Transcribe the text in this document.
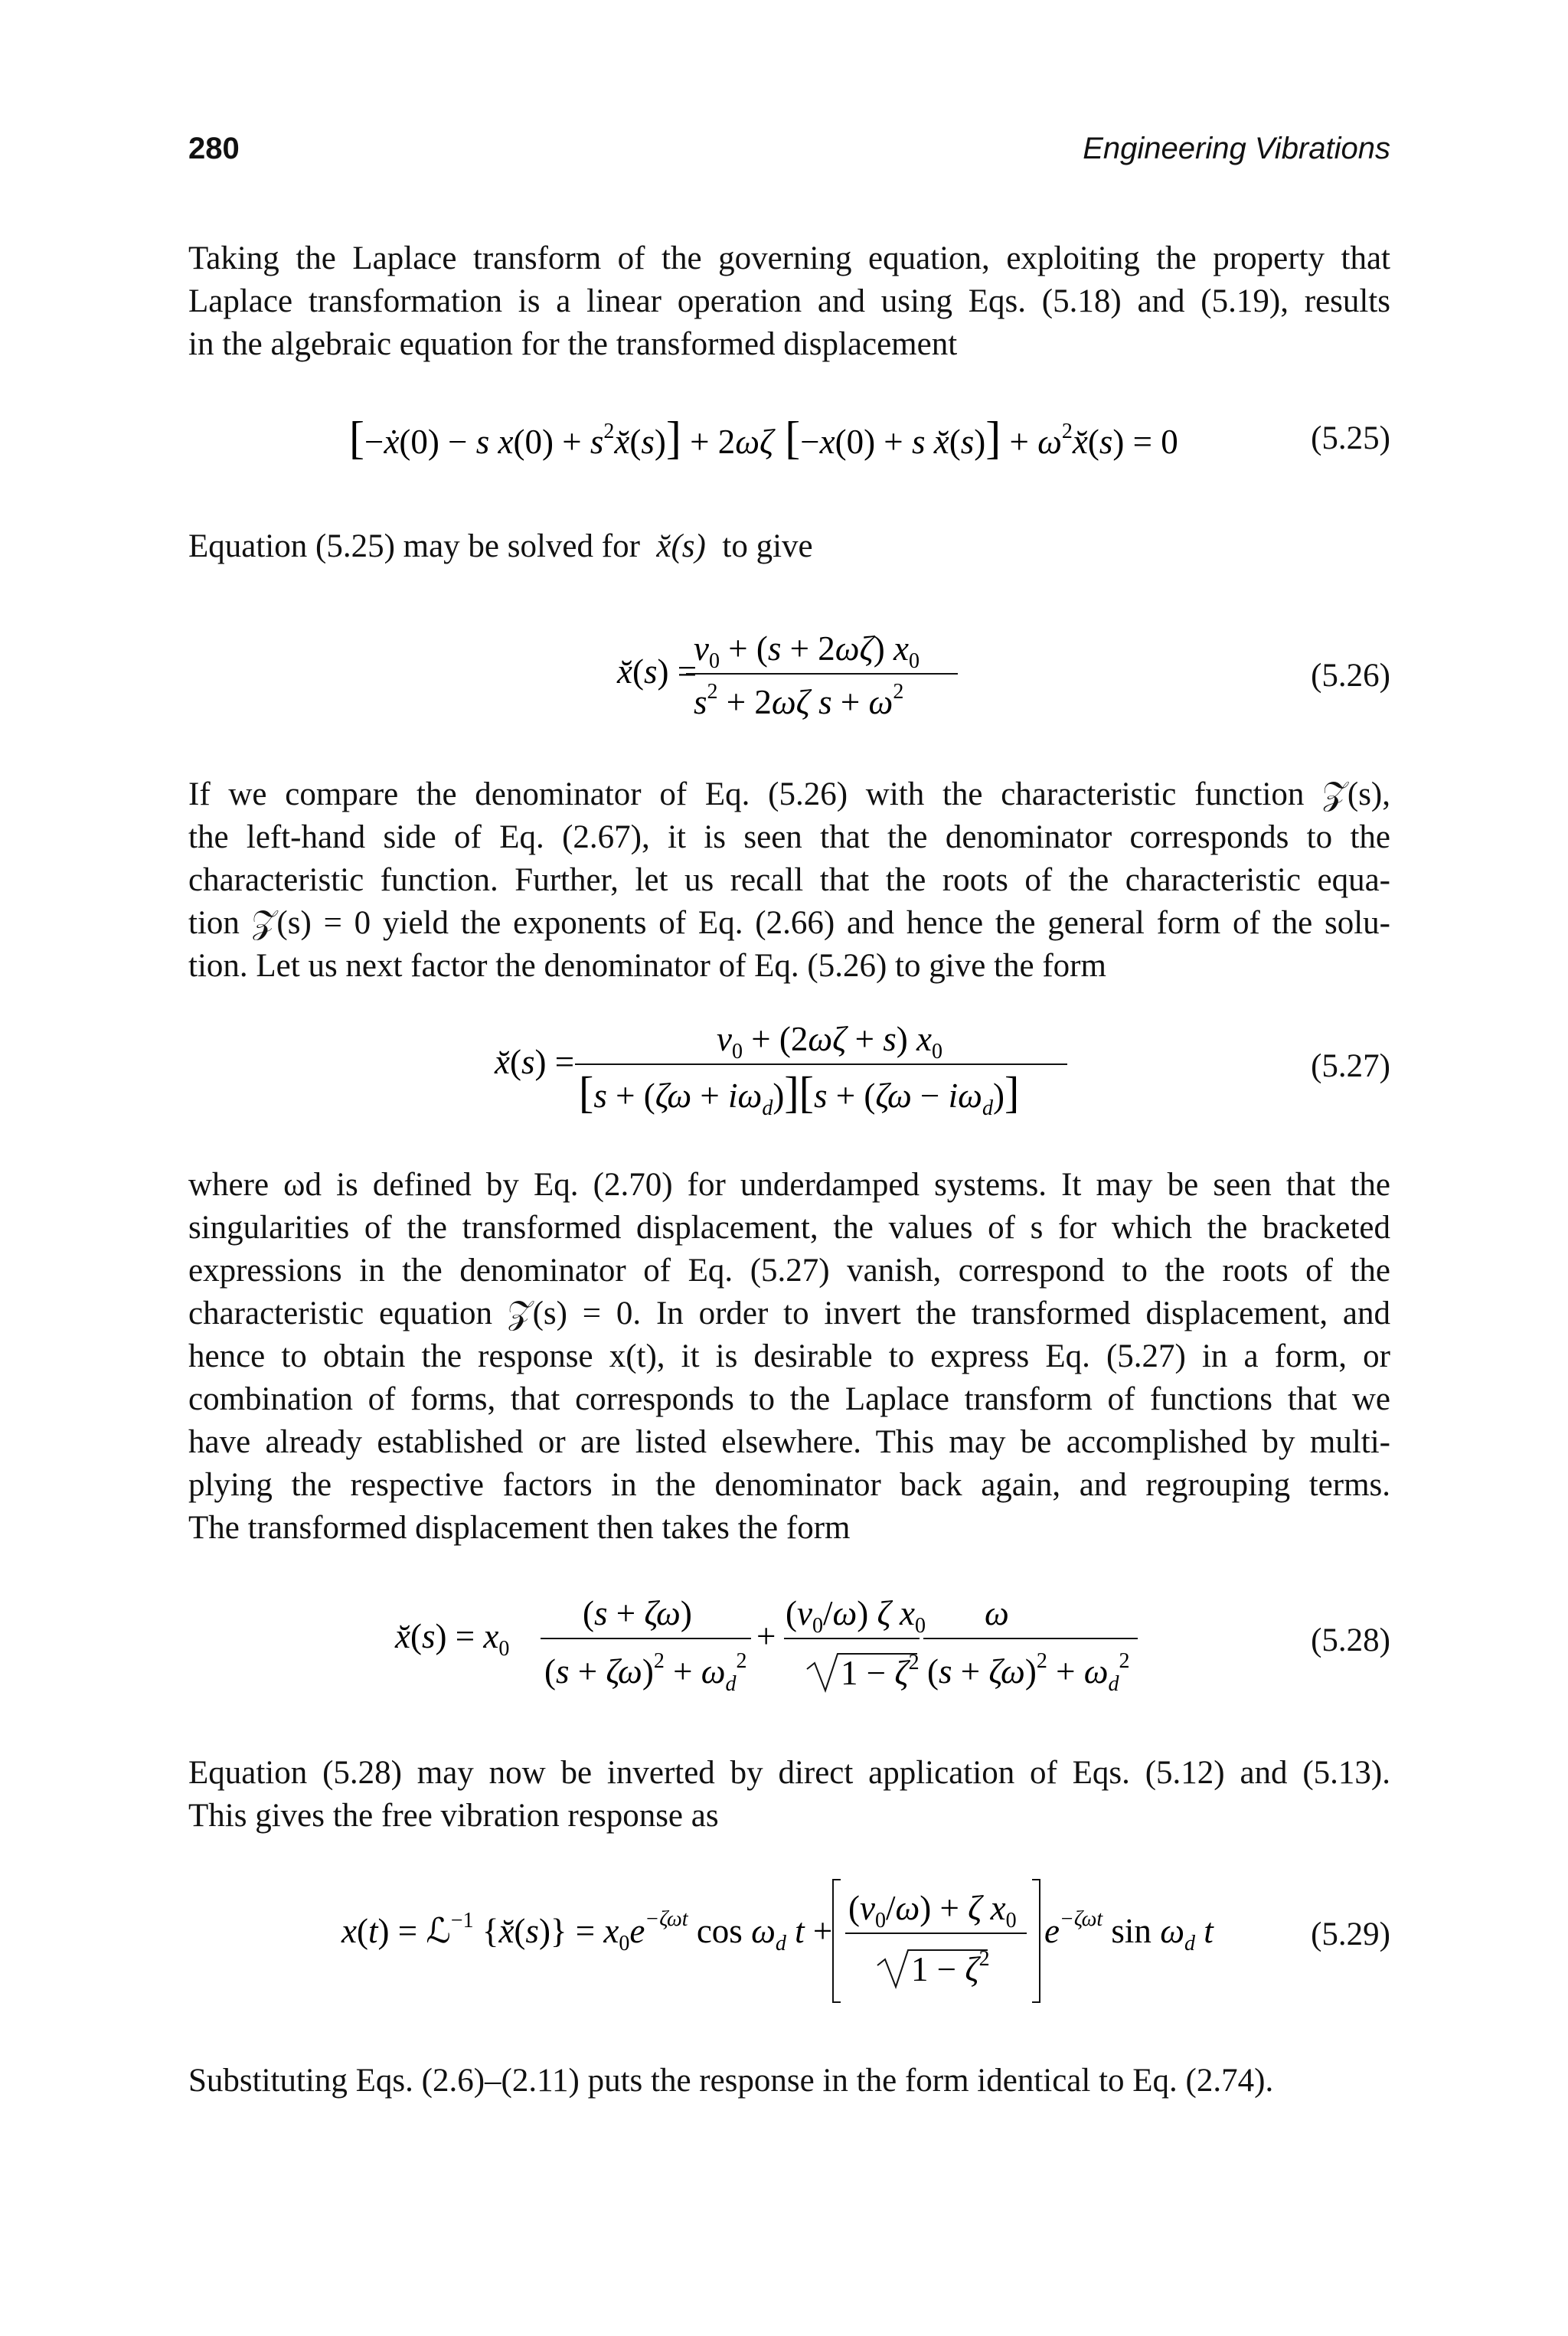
280	Engineering Vibrations
Taking the Laplace transform of the governing equation, exploiting the property that
Laplace transformation is a linear operation and using Eqs. (5.18) and (5.19), results
in the algebraic equation for the transformed displacement
[−ẋ(0) − s $x(0) + s^2x̆(s)] + 2\omega\zeta$ [−x(0) + s x̆(s)] + $\omega^2x̆(s) = 0$	(5.25)
Equation (5.25) may be solved for  x̆(s)  to give
x̆(s) =
$v_0 + (s + 2\omega\zeta)$ $x_0$
$s^2 + 2\omega\zeta$ $s + \omega^2$	(5.26)
If we compare the denominator of Eq. (5.26) with the characteristic function 𝒵(s),
the left-hand side of Eq. (2.67), it is seen that the denominator corresponds to the
characteristic function. Further, let us recall that the roots of the characteristic equa-
tion 𝒵(s) = 0 yield the exponents of Eq. (2.66) and hence the general form of the solu-
tion. Let us next factor the denominator of Eq. (5.26) to give the form
x̆(s) =
$v_0 + (2\omega\zeta + s)$ $x_0$
$[s + (\zeta\omega + i\omega_d)][s + (\zeta\omega - i\omega_d)]$
(5.27)
where ωd is defined by Eq. (2.70) for underdamped systems. It may be seen that the
singularities of the transformed displacement, the values of s for which the bracketed
expressions in the denominator of Eq. (5.27) vanish, correspond to the roots of the
characteristic equation 𝒵(s) = 0. In order to invert the transformed displacement, and
hence to obtain the response x(t), it is desirable to express Eq. (5.27) in a form, or
combination of forms, that corresponds to the Laplace transform of functions that we
have already established or are listed elsewhere. This may be accomplished by multi-
plying the respective factors in the denominator back again, and regrouping terms.
The transformed displacement then takes the form
x̆(s) = $x_0$
(s + ζω)
$(s + \zeta\omega)^2 + \omega_d^2$
+
$(v_0/\omega)$ ζ $x_0$
$1 - \zeta^2$
ω
$(s + \zeta\omega)^2 + \omega_d^2$
(5.28)
Equation (5.28) may now be inverted by direct application of Eqs. (5.12) and (5.13).
This gives the free vibration response as
x(t) = ℒ$^{-1}$ {x̆(s)} = $x_0e^{-\zeta\omega t}$ $\cos \omega_d$ t +
$(v_0/\omega) + \zeta$ $x_0$
$1 - \zeta^2$
$e^{-\zeta\omega t}$ $\sin \omega_d$ t	(5.29)
Substituting Eqs. (2.6)–(2.11) puts the response in the form identical to Eq. (2.74).
